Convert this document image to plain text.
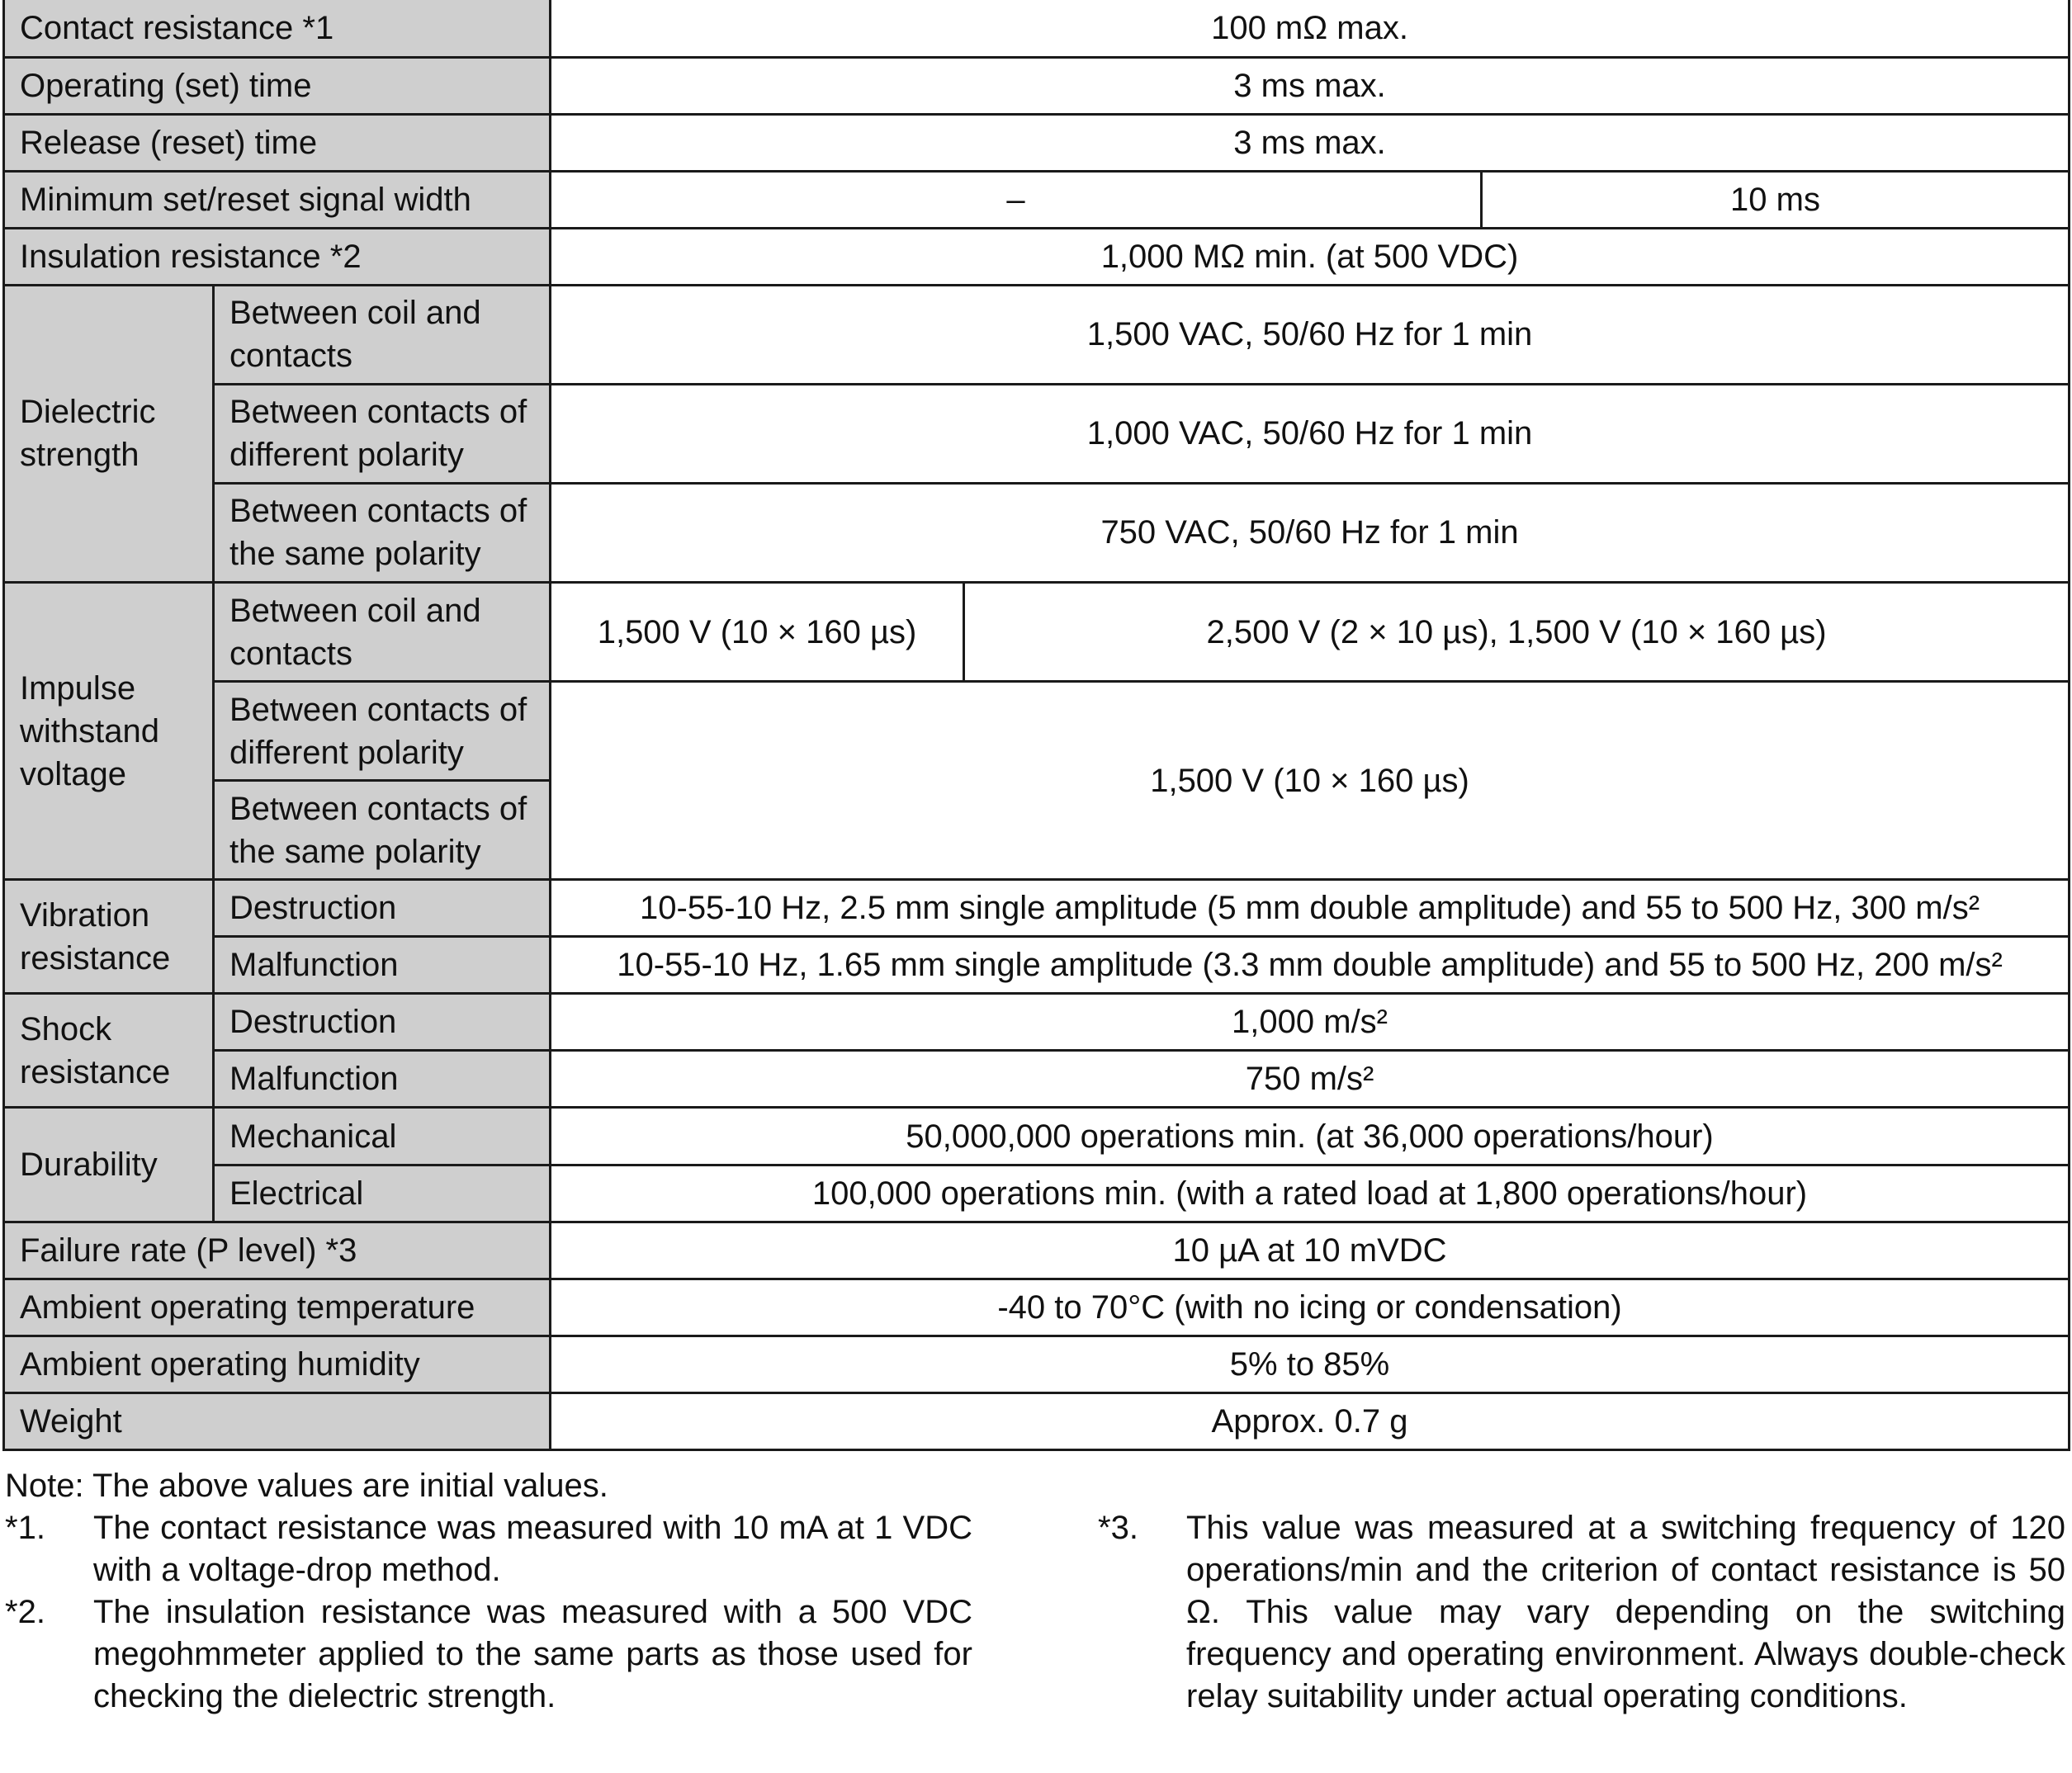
Contact resistance *1		100 mΩ max.		
Operating (set) time		3 ms max.		
Release (reset) time		3 ms max.		
Minimum set/reset signal width		–		10 ms
Insulation resistance *2		1,000 MΩ min. (at 500 VDC)		
Dielectric strength	Between coil and contacts	1,500 VAC, 50/60 Hz for 1 min		
	Between contacts of different polarity	1,000 VAC, 50/60 Hz for 1 min		
	Between contacts of the same polarity	750 VAC, 50/60 Hz for 1 min		
Impulse withstand voltage	Between coil and contacts	1,500 V (10 × 160 µs)	2,500 V (2 × 10 µs), 1,500 V (10 × 160 µs)	
	Between contacts of different polarity	1,500 V (10 × 160 µs)		
	Between contacts of the same polarity			
Vibration resistance	Destruction	10-55-10 Hz, 2.5 mm single amplitude (5 mm double amplitude) and 55 to 500 Hz, 300 m/s²		
	Malfunction	10-55-10 Hz, 1.65 mm single amplitude (3.3 mm double amplitude) and 55 to 500 Hz, 200 m/s²		
Shock resistance	Destruction	1,000 m/s²		
	Malfunction	750 m/s²		
Durability	Mechanical	50,000,000 operations min. (at 36,000 operations/hour)		
	Electrical	100,000 operations min. (with a rated load at 1,800 operations/hour)		
Failure rate (P level) *3		10 µA at 10 mVDC		
Ambient operating temperature		-40 to 70°C (with no icing or condensation)		
Ambient operating humidity		5% to 85%		
Weight		Approx. 0.7 g		
Note: The above values are initial values.
*1.	The contact resistance was measured with 10 mA at 1 VDC with a voltage-drop method.
*2.	The insulation resistance was measured with a 500 VDC megohmmeter applied to the same parts as those used for checking the dielectric strength.
*3.	This value was measured at a switching frequency of 120 operations/min and the criterion of contact resistance is 50 Ω. This value may vary depending on the switching frequency and operating environment. Always double-check relay suitability under actual operating conditions.
